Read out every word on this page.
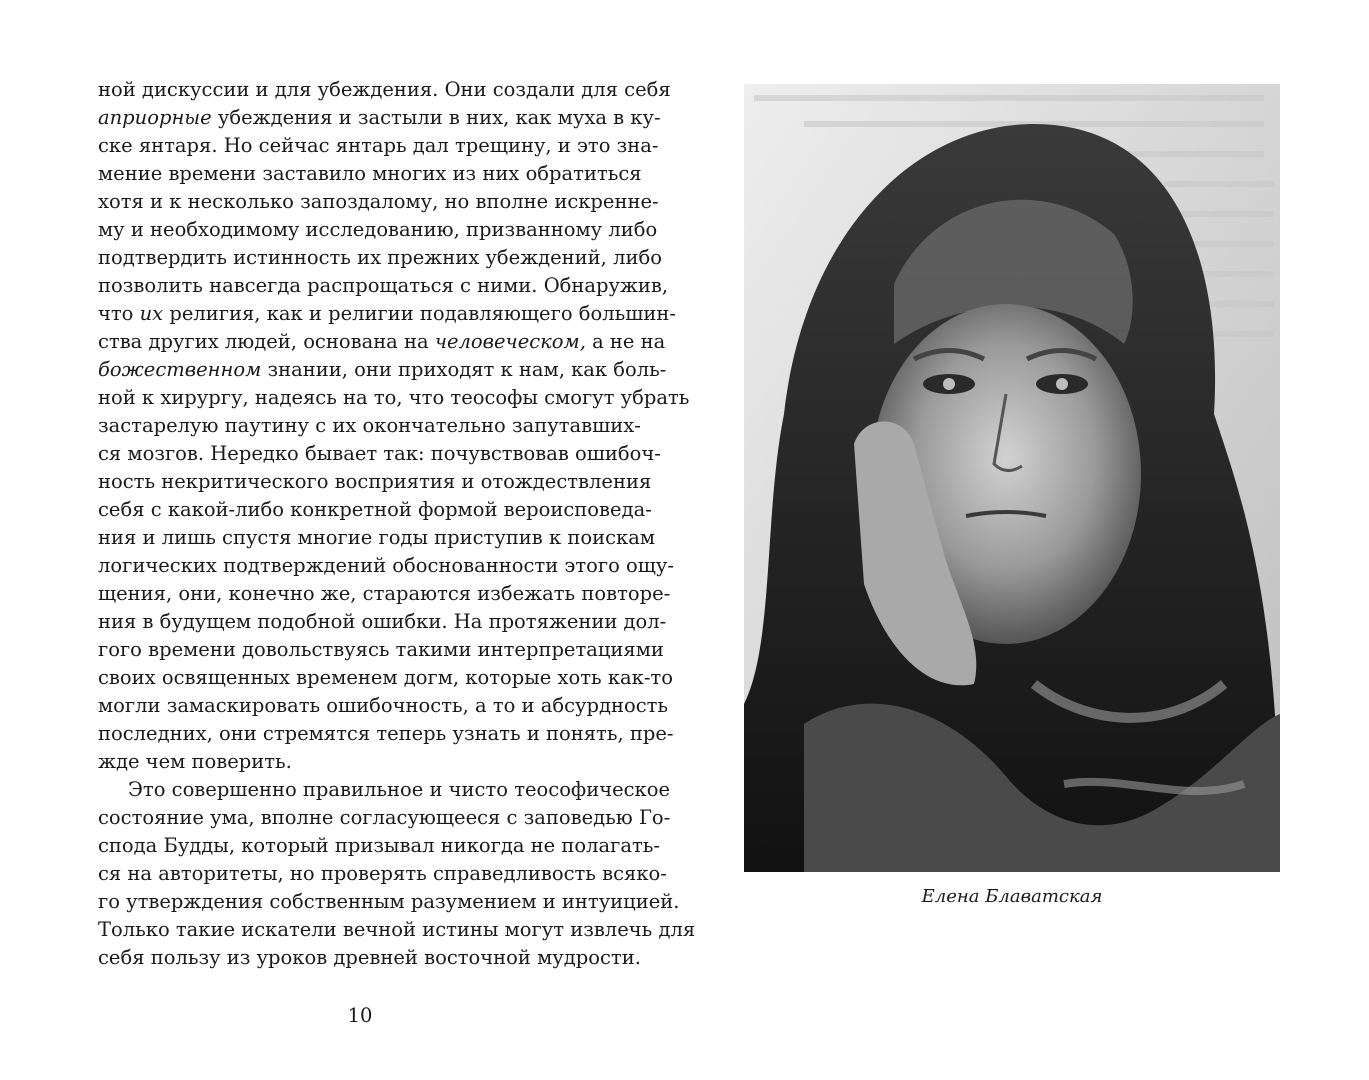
ной дискуссии и для убеждения. Они создали для себя
априорные убеждения и застыли в них, как муха в ку-
ске янтаря. Но сейчас янтарь дал трещину, и это зна-
мение времени заставило многих из них обратиться
хотя и к несколько запоздалому, но вполне искренне-
му и необходимому исследованию, призванному либо
подтвердить истинность их прежних убеждений, либо
позволить навсегда распрощаться с ними. Обнаружив,
что их религия, как и религии подавляющего большин-
ства других людей, основана на человеческом, а не на
божественном знании, они приходят к нам, как боль-
ной к хирургу, надеясь на то, что теософы смогут убрать
застарелую паутину с их окончательно запутавших-
ся мозгов. Нередко бывает так: почувствовав ошибоч-
ность некритического восприятия и отождествления
себя с какой-либо конкретной формой вероисповеда-
ния и лишь спустя многие годы приступив к поискам
логических подтверждений обоснованности этого ощу-
щения, они, конечно же, стараются избежать повторе-
ния в будущем подобной ошибки. На протяжении дол-
гого времени довольствуясь такими интерпретациями
своих освященных временем догм, которые хоть как-то
могли замаскировать ошибочность, а то и абсурдность
последних, они стремятся теперь узнать и понять, пре-
жде чем поверить.
Это совершенно правильное и чисто теософическое
состояние ума, вполне согласующееся с заповедью Го-
спода Будды, который призывал никогда не полагать-
ся на авторитеты, но проверять справедливость всяко-
го утверждения собственным разумением и интуицией.
Только такие искатели вечной истины могут извлечь для
себя пользу из уроков древней восточной мудрости.
10
Елена Блаватская
